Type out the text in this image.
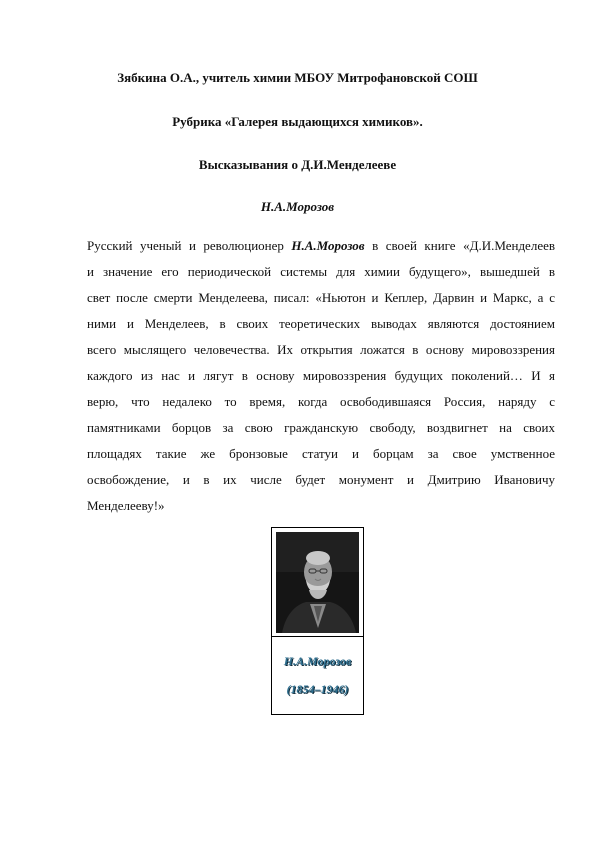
Зябкина О.А., учитель химии МБОУ Митрофановской СОШ
Рубрика «Галерея выдающихся химиков».
Высказывания о Д.И.Менделееве
Н.А.Морозов
Русский ученый и революционер Н.А.Морозов в своей книге «Д.И.Менделеев
и значение его периодической системы для химии будущего», вышедшей в
свет после смерти Менделеева, писал: «Ньютон и Кеплер, Дарвин и Маркс, а с
ними и Менделеев, в своих теоретических выводах являются достоянием
всего мыслящего человечества. Их открытия ложатся в основу мировоззрения
каждого из нас и лягут в основу мировоззрения будущих поколений… И я
верю, что недалеко то время, когда освободившаяся Россия, наряду с
памятниками борцов за свою гражданскую свободу, воздвигнет на своих
площадях такие же бронзовые статуи и борцам за свое умственное
освобождение, и в их числе будет монумент и Дмитрию Ивановичу
Менделееву!»
Н.А.Морозов
(1854–1946)
